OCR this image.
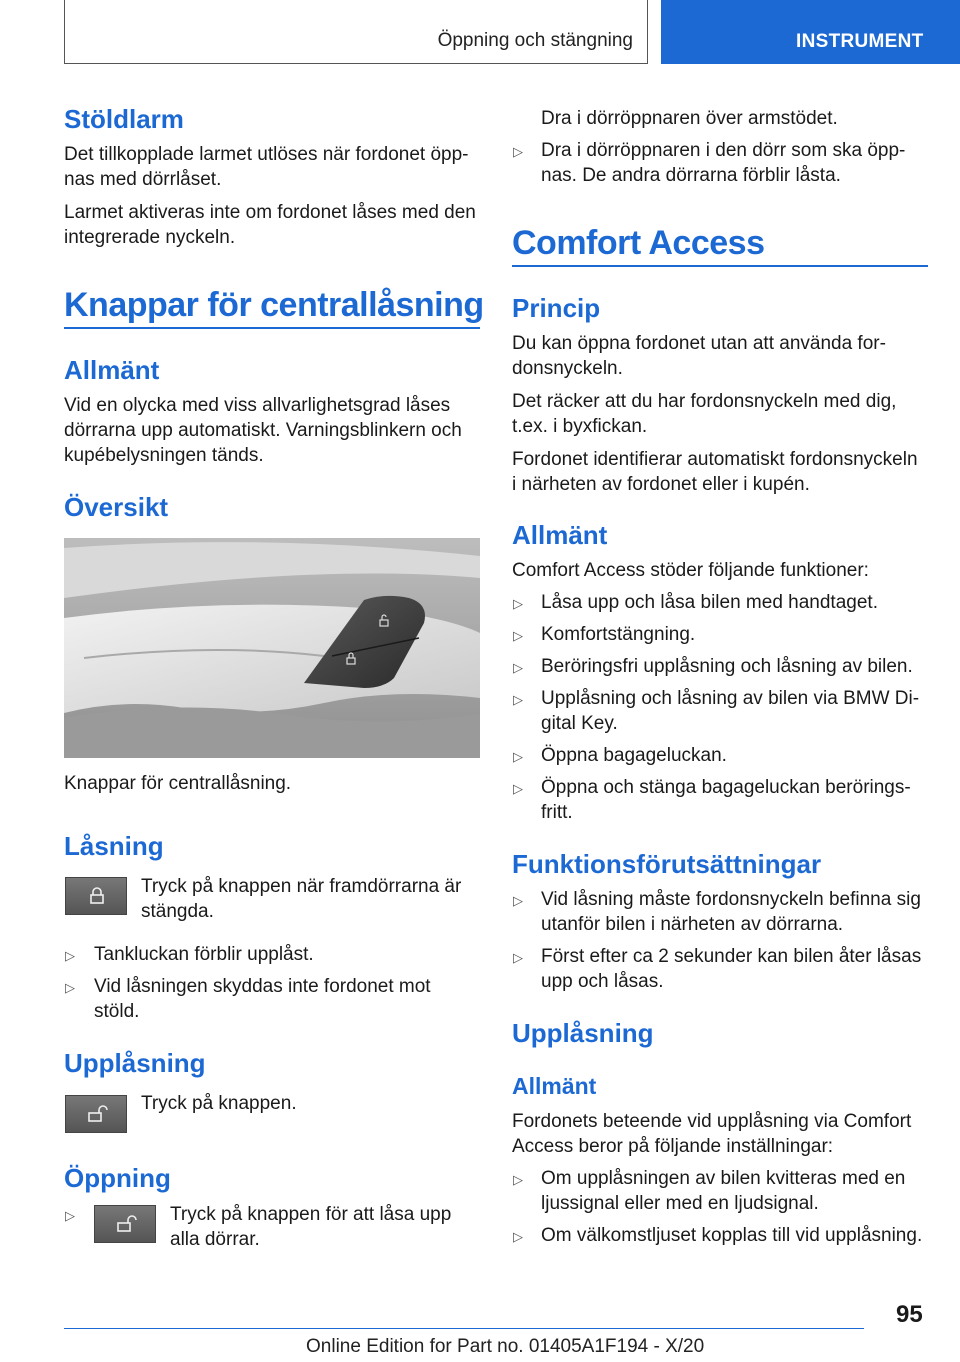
Öppning och stängning	INSTRUMENT
Stöldlarm
Det tillkopplade larmet utlöses när fordonet öpp-
nas med dörrlåset.
Larmet aktiveras inte om fordonet låses med den
integrerade nyckeln.
Knappar för centrallåsning
Allmänt
Vid en olycka med viss allvarlighetsgrad låses
dörrarna upp automatiskt. Varningsblinkern och
kupébelysningen tänds.
Översikt
Knappar för centrallåsning.
Låsning
Tryck på knappen när framdörrarna är
stängda.
▷ Tankluckan förblir upplåst.
▷ Vid låsningen skyddas inte fordonet mot
stöld.
Upplåsning
Tryck på knappen.
Öppning
▷	Tryck på knappen för att låsa upp
alla dörrar.
Dra i dörröppnaren över armstödet.
▷ Dra i dörröppnaren i den dörr som ska öpp-
nas. De andra dörrarna förblir låsta.
Comfort Access
Princip
Du kan öppna fordonet utan att använda for-
donsnyckeln.
Det räcker att du har fordonsnyckeln med dig,
t.ex. i byxfickan.
Fordonet identifierar automatiskt fordonsnyckeln
i närheten av fordonet eller i kupén.
Allmänt
Comfort Access stöder följande funktioner:
▷ Låsa upp och låsa bilen med handtaget.
▷ Komfortstängning.
▷ Beröringsfri upplåsning och låsning av bilen.
▷ Upplåsning och låsning av bilen via BMW Di-
gital Key.
▷ Öppna bagageluckan.
▷ Öppna och stänga bagageluckan berörings-
fritt.
Funktionsförutsättningar
▷ Vid låsning måste fordonsnyckeln befinna sig
utanför bilen i närheten av dörrarna.
▷ Först efter ca 2 sekunder kan bilen åter låsas
upp och låsas.
Upplåsning
Allmänt
Fordonets beteende vid upplåsning via Comfort
Access beror på följande inställningar:
▷ Om upplåsningen av bilen kvitteras med en
ljussignal eller med en ljudsignal.
▷ Om välkomstljuset kopplas till vid upplåsning.
95
Online Edition for Part no. 01405A1F194 - X/20
